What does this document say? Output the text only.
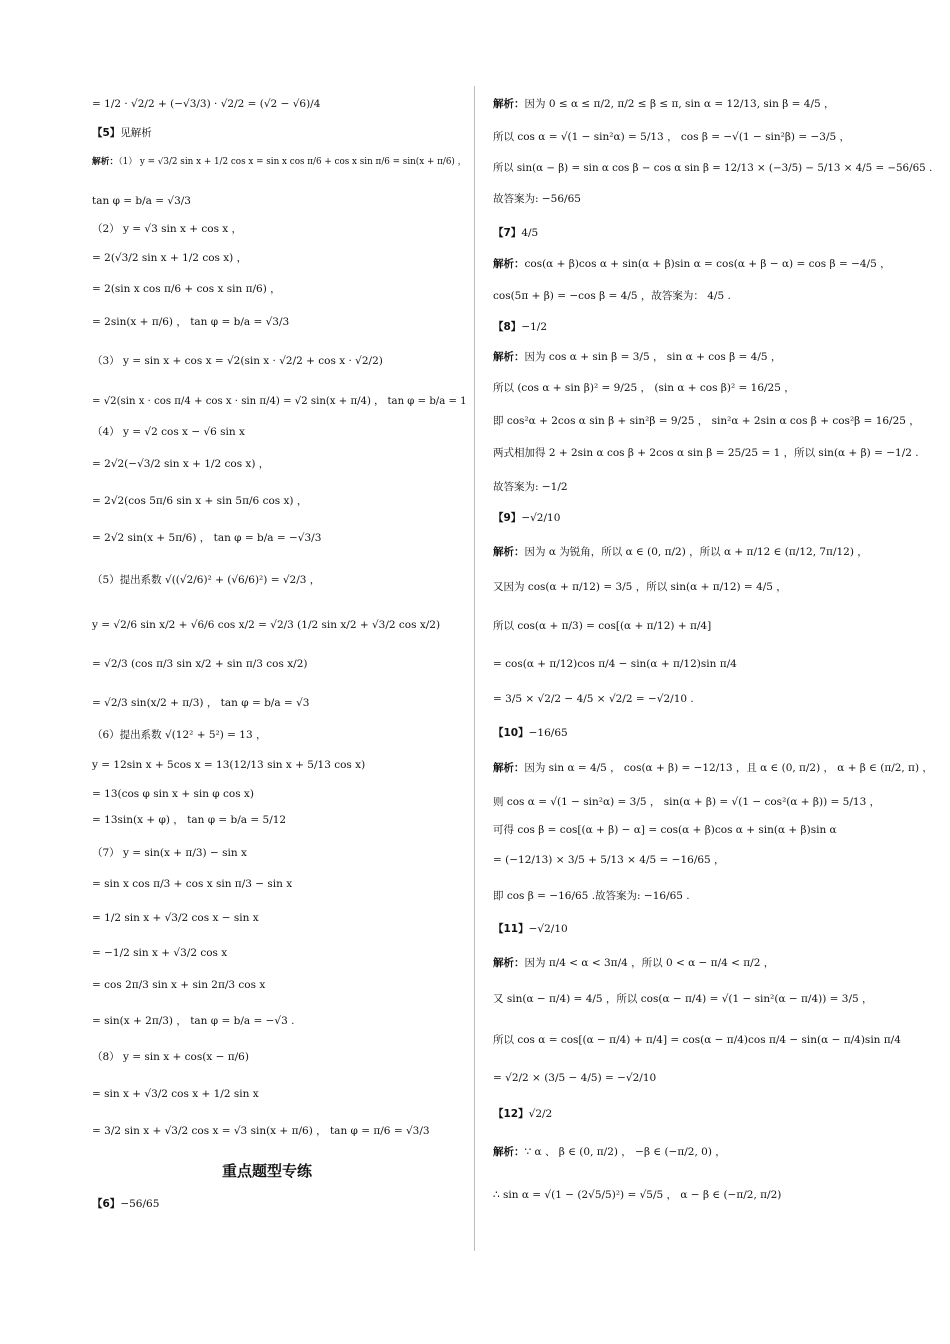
重点题型专练
= 1/2 · √2/2 + (−√3/3) · √2/2 = (√2 − √6)/4
【5】见解析
解析：（1） y = √3/2 sin x + 1/2 cos x = sin x cos π/6 + cos x sin π/6 = sin(x + π/6) ，
tan φ = b/a = √3/3
（2） y = √3 sin x + cos x ，
= 2(√3/2 sin x + 1/2 cos x) ，
= 2(sin x cos π/6 + cos x sin π/6) ，
= 2sin(x + π/6) ， tan φ = b/a = √3/3
（3） y = sin x + cos x = √2(sin x · √2/2 + cos x · √2/2)
= √2(sin x · cos π/4 + cos x · sin π/4) = √2 sin(x + π/4) ， tan φ = b/a = 1
（4） y = √2 cos x − √6 sin x
= 2√2(−√3/2 sin x + 1/2 cos x) ，
= 2√2(cos 5π/6 sin x + sin 5π/6 cos x) ，
= 2√2 sin(x + 5π/6) ， tan φ = b/a = −√3/3
（5）提出系数 √((√2/6)² + (√6/6)²) = √2/3 ，
y = √2/6 sin x/2 + √6/6 cos x/2 = √2/3 (1/2 sin x/2 + √3/2 cos x/2)
= √2/3 (cos π/3 sin x/2 + sin π/3 cos x/2)
= √2/3 sin(x/2 + π/3) ， tan φ = b/a = √3
（6）提出系数 √(12² + 5²) = 13 ，
y = 12sin x + 5cos x = 13(12/13 sin x + 5/13 cos x)
= 13(cos φ sin x + sin φ cos x)
= 13sin(x + φ) ， tan φ = b/a = 5/12
（7） y = sin(x + π/3) − sin x
= sin x cos π/3 + cos x sin π/3 − sin x
= 1/2 sin x + √3/2 cos x − sin x
= −1/2 sin x + √3/2 cos x
= cos 2π/3 sin x + sin 2π/3 cos x
= sin(x + 2π/3) ， tan φ = b/a = −√3 .
（8） y = sin x + cos(x − π/6)
= sin x + √3/2 cos x + 1/2 sin x
= 3/2 sin x + √3/2 cos x = √3 sin(x + π/6) ， tan φ = π/6 = √3/3
【6】−56/65
解析：因为 0 ≤ α ≤ π/2, π/2 ≤ β ≤ π, sin α = 12/13, sin β = 4/5 ，
所以 cos α = √(1 − sin²α) = 5/13 ， cos β = −√(1 − sin²β) = −3/5 ，
所以 sin(α − β) = sin α cos β − cos α sin β = 12/13 × (−3/5) − 5/13 × 4/5 = −56/65 .
故答案为: −56/65
【7】4/5
解析：cos(α + β)cos α + sin(α + β)sin α = cos(α + β − α) = cos β = −4/5 ，
cos(5π + β) = −cos β = 4/5 ，故答案为： 4/5 .
【8】−1/2
解析：因为 cos α + sin β = 3/5 ， sin α + cos β = 4/5 ，
所以 (cos α + sin β)² = 9/25 ， (sin α + cos β)² = 16/25 ，
即 cos²α + 2cos α sin β + sin²β = 9/25 ， sin²α + 2sin α cos β + cos²β = 16/25 ，
两式相加得 2 + 2sin α cos β + 2cos α sin β = 25/25 = 1 ，所以 sin(α + β) = −1/2 .
故答案为: −1/2
【9】−√2/10
解析：因为 α 为锐角，所以 α ∈ (0, π/2) ，所以 α + π/12 ∈ (π/12, 7π/12) ，
又因为 cos(α + π/12) = 3/5 ，所以 sin(α + π/12) = 4/5 ，
所以 cos(α + π/3) = cos[(α + π/12) + π/4]
= cos(α + π/12)cos π/4 − sin(α + π/12)sin π/4
= 3/5 × √2/2 − 4/5 × √2/2 = −√2/10 .
【10】−16/65
解析：因为 sin α = 4/5 ， cos(α + β) = −12/13 ，且 α ∈ (0, π/2) ， α + β ∈ (π/2, π) ，
则 cos α = √(1 − sin²α) = 3/5 ， sin(α + β) = √(1 − cos²(α + β)) = 5/13 ，
可得 cos β = cos[(α + β) − α] = cos(α + β)cos α + sin(α + β)sin α
= (−12/13) × 3/5 + 5/13 × 4/5 = −16/65 ，
即 cos β = −16/65 .故答案为: −16/65 .
【11】−√2/10
解析：因为 π/4 < α < 3π/4 ，所以 0 < α − π/4 < π/2 ，
又 sin(α − π/4) = 4/5 ，所以 cos(α − π/4) = √(1 − sin²(α − π/4)) = 3/5 ，
所以 cos α = cos[(α − π/4) + π/4] = cos(α − π/4)cos π/4 − sin(α − π/4)sin π/4
= √2/2 × (3/5 − 4/5) = −√2/10
【12】√2/2
解析：∵ α 、 β ∈ (0, π/2) ， −β ∈ (−π/2, 0) ，
∴ sin α = √(1 − (2√5/5)²) = √5/5 ， α − β ∈ (−π/2, π/2)
